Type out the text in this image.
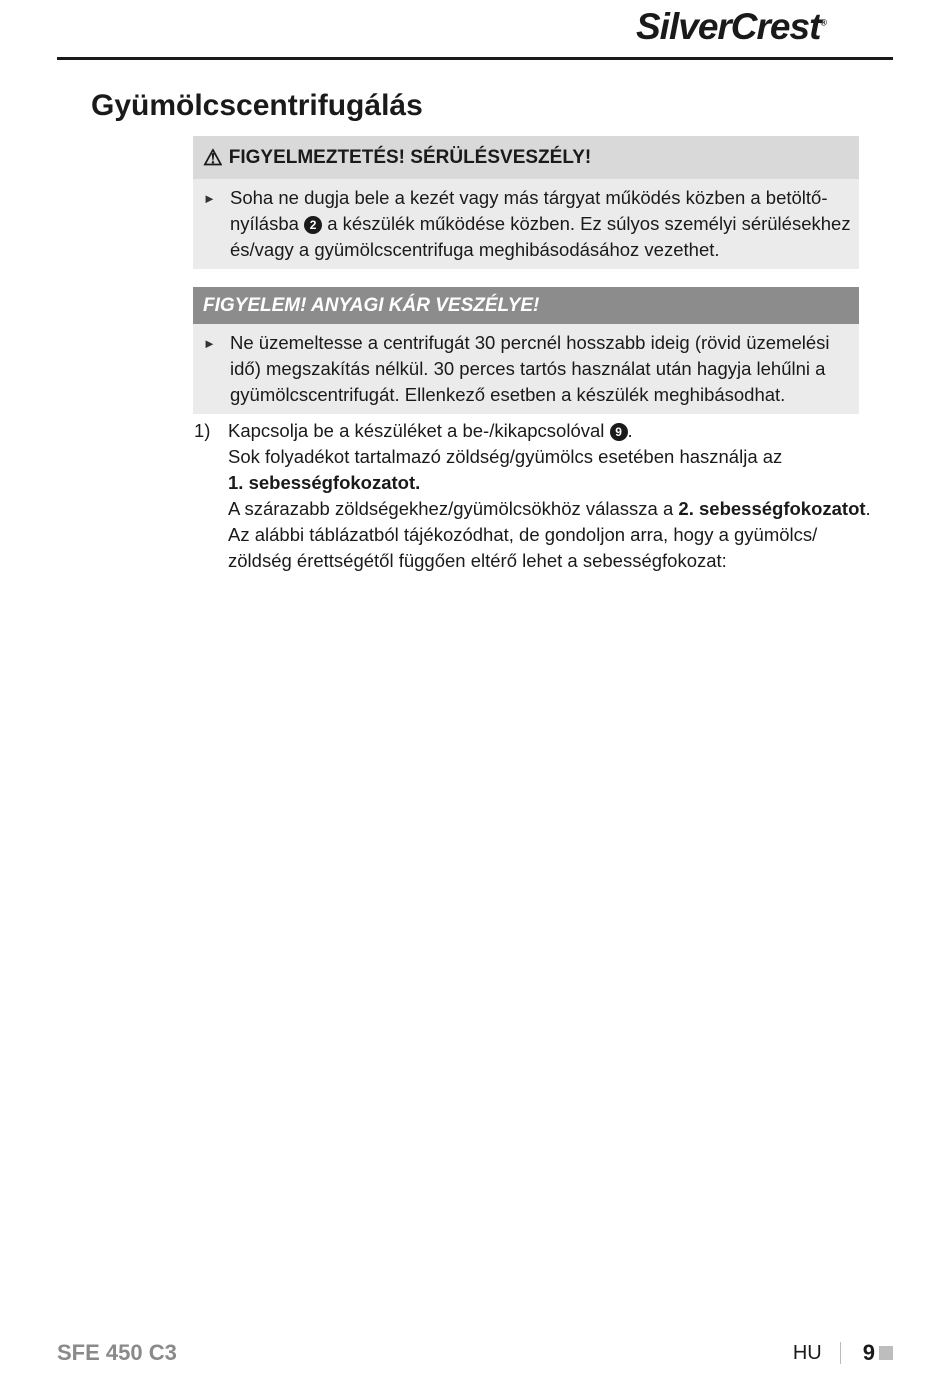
SilverCrest®
Gyümölcscentrifugálás
⚠ FIGYELMEZTETÉS! SÉRÜLÉSVESZÉLY!
► Soha ne dugja bele a kezét vagy más tárgyat működés közben a betöltő-
nyílásba 2 a készülék működése közben. Ez súlyos személyi sérülésekhez
és/vagy a gyümölcscentrifuga meghibásodásához vezethet.
FIGYELEM! ANYAGI KÁR VESZÉLYE!
► Ne üzemeltesse a centrifugát 30 percnél hosszabb ideig (rövid üzemelési
idő) megszakítás nélkül. 30 perces tartós használat után hagyja lehűlni a
gyümölcscentrifugát. Ellenkező esetben a készülék meghibásodhat.
1) Kapcsolja be a készüléket a be-/kikapcsolóval 9 .
Sok folyadékot tartalmazó zöldség/gyümölcs esetében használja az
1. sebességfokozatot.
A szárazabb zöldségekhez/gyümölcsökhöz válassza a 2. sebességfokozatot.
Az alábbi táblázatból tájékozódhat, de gondoljon arra, hogy a gyümölcs/
zöldség érettségétől függően eltérő lehet a sebességfokozat:
SFE 450 C3	HU 9
